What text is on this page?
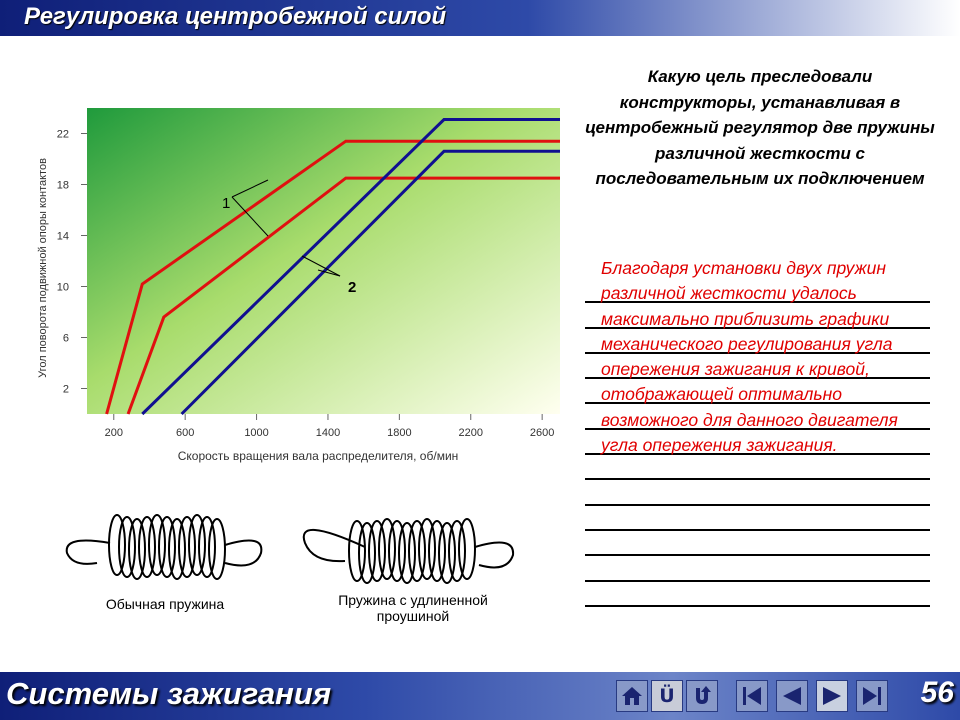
Регулировка центробежной силой
2
6
10
14
18
22
200	600	1000	1400	1800	2200	2600
1
2
Угол поворота подвижной опоры контактов
Скорость вращения вала распределителя, об/мин
Обычная пружина	Пружина с удлиненной проушиной
Какую цель преследовали конструкторы, устанавливая в центробежный регулятор две пружины различной жесткости с последовательным их подключением
Благодаря установки двух пружин различной жесткости удалось максимально приблизить графики механического регулирования угла опережения зажигания к кривой, отображающей оптимально возможного для данного двигателя угла опережения зажигания.
Системы зажигания	Ü	56
